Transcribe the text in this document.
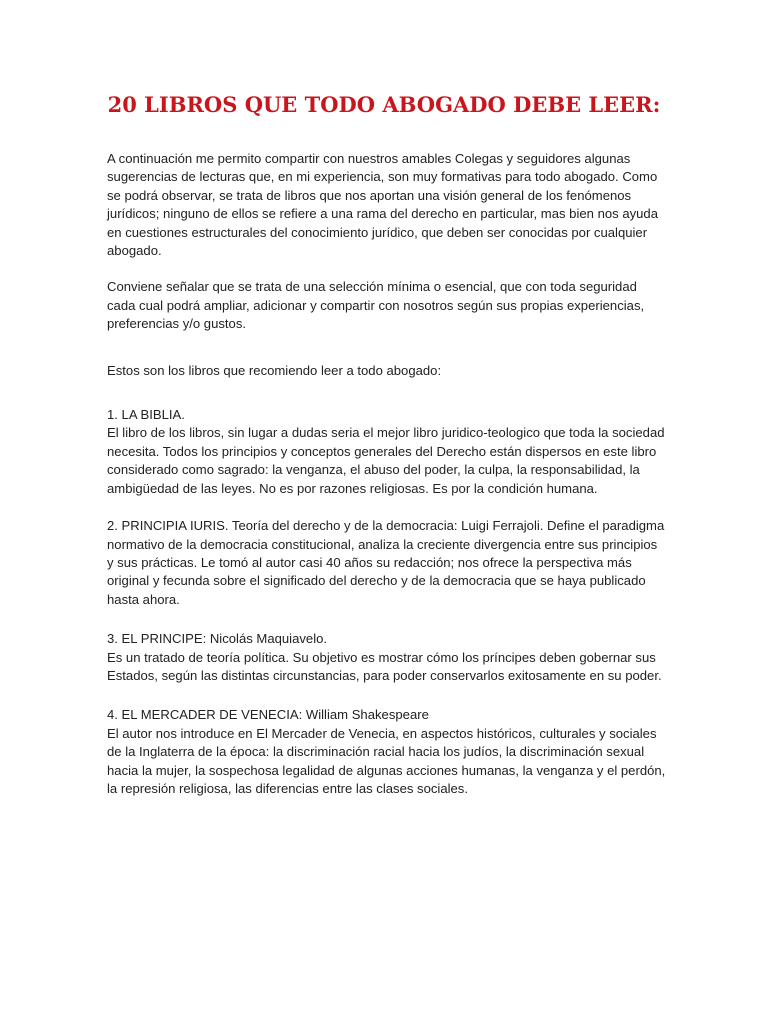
20 LIBROS QUE TODO ABOGADO DEBE LEER:

A continuación me permito compartir con nuestros amables Colegas y seguidores algunas sugerencias de lecturas que, en mi experiencia, son muy formativas para todo abogado. Como se podrá observar, se trata de libros que nos aportan una visión general de los fenómenos jurídicos; ninguno de ellos se refiere a una rama del derecho en particular, mas bien nos ayuda en cuestiones estructurales del conocimiento jurídico, que deben ser conocidas por cualquier abogado.

Conviene señalar que se trata de una selección mínima o esencial, que con toda seguridad cada cual podrá ampliar, adicionar y compartir con nosotros según sus propias experiencias, preferencias y/o gustos.

Estos son los libros que recomiendo leer a todo abogado:

1. LA BIBLIA.

El libro de los libros, sin lugar a dudas seria el mejor libro juridico-teologico que toda la sociedad necesita. Todos los principios y conceptos generales del Derecho están dispersos en este libro considerado como sagrado: la venganza, el abuso del poder, la culpa, la responsabilidad, la ambigüedad de las leyes. No es por razones religiosas. Es por la condición humana.

2. PRINCIPIA IURIS. Teoría del derecho y de la democracia: Luigi Ferrajoli. Define el paradigma normativo de la democracia constitucional, analiza la creciente divergencia entre sus principios y sus prácticas. Le tomó al autor casi 40 años su redacción; nos ofrece la perspectiva más original y fecunda sobre el significado del derecho y de la democracia que se haya publicado hasta ahora.

3. EL PRINCIPE: Nicolás Maquiavelo.

Es un tratado de teoría política. Su objetivo es mostrar cómo los príncipes deben gobernar sus Estados, según las distintas circunstancias, para poder conservarlos exitosamente en su poder.

4. EL MERCADER DE VENECIA: William Shakespeare

El autor nos introduce en El Mercader de Venecia, en aspectos históricos, culturales y sociales de la Inglaterra de la época: la discriminación racial hacia los judíos, la discriminación sexual hacia la mujer, la sospechosa legalidad de algunas acciones humanas, la venganza y el perdón, la represión religiosa, las diferencias entre las clases sociales.
